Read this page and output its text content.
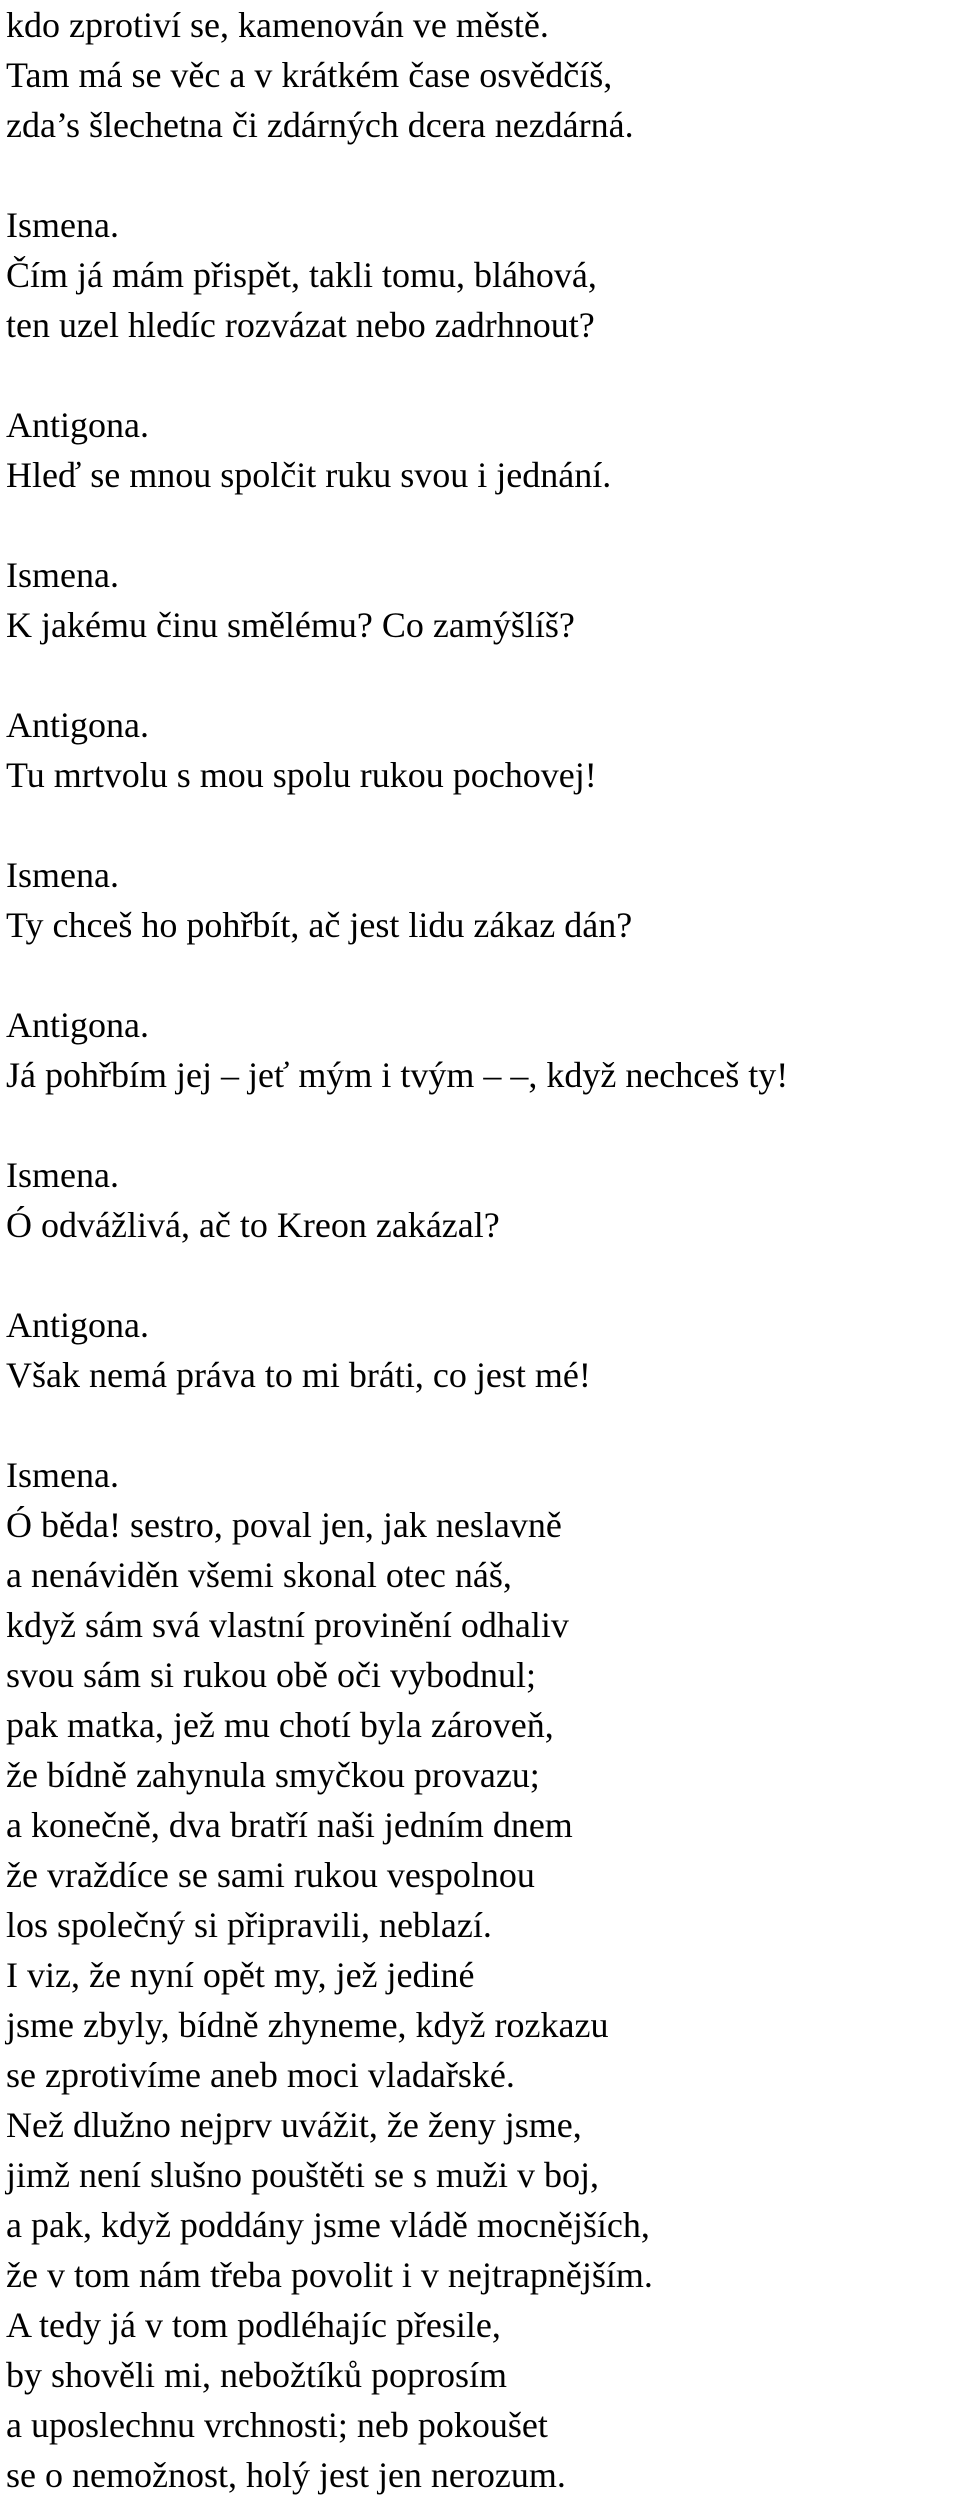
kdo zprotiví se, kamenován ve městě.
Tam má se věc a v krátkém čase osvědčíš,
zda’s šlechetna či zdárných dcera nezdárná.
Ismena.
Čím já mám přispět, takli tomu, bláhová,
ten uzel hledíc rozvázat nebo zadrhnout?
Antigona.
Hleď se mnou spolčit ruku svou i jednání.
Ismena.
K jakému činu smělému? Co zamýšlíš?
Antigona.
Tu mrtvolu s mou spolu rukou pochovej!
Ismena.
Ty chceš ho pohřbít, ač jest lidu zákaz dán?
Antigona.
Já pohřbím jej – jeť mým i tvým – –, když nechceš ty!
Ismena.
Ó odvážlivá, ač to Kreon zakázal?
Antigona.
Však nemá práva to mi bráti, co jest mé!
Ismena.
Ó běda! sestro, poval jen, jak neslavně
a nenáviděn všemi skonal otec náš,
když sám svá vlastní provinění odhaliv
svou sám si rukou obě oči vybodnul;
pak matka, jež mu chotí byla zároveň,
že bídně zahynula smyčkou provazu;
a konečně, dva bratří naši jedním dnem
že vraždíce se sami rukou vespolnou
los společný si připravili, neblazí.
I viz, že nyní opět my, jež jediné
jsme zbyly, bídně zhyneme, když rozkazu
se zprotivíme aneb moci vladařské.
Než dlužno nejprv uvážit, že ženy jsme,
jimž není slušno pouštěti se s muži v boj,
a pak, když poddány jsme vládě mocnějších,
že v tom nám třeba povolit i v nejtrapnějším.
A tedy já v tom podléhajíc přesile,
by shověli mi, nebožtíků poprosím
a uposlechnu vrchnosti; neb pokoušet
se o nemožnost, holý jest jen nerozum.
